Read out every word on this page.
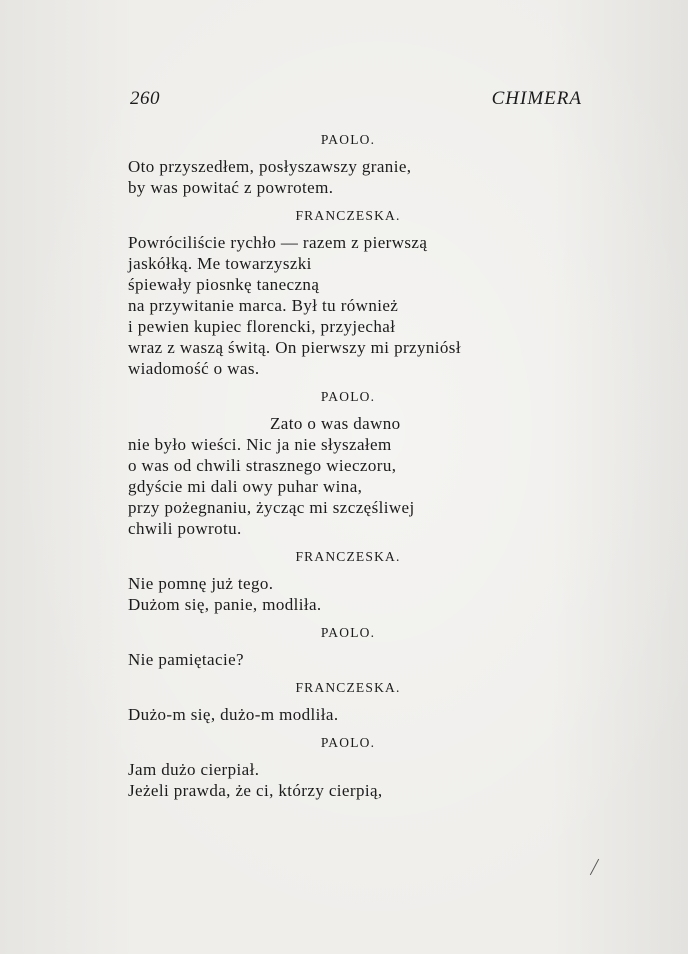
260	CHIMERA
PAOLO.
Oto przyszedłem, posłyszawszy granie,
by was powitać z powrotem.
FRANCZESKA.
Powróciliście rychło — razem z pierwszą
jaskółką. Me towarzyszki
śpiewały piosnkę taneczną
na przywitanie marca. Był tu również
i pewien kupiec florencki, przyjechał
wraz z waszą świtą. On pierwszy mi przyniósł
wiadomość o was.
PAOLO.
Zato o was dawno
nie było wieści. Nic ja nie słyszałem
o was od chwili strasznego wieczoru,
gdyście mi dali owy puhar wina,
przy pożegnaniu, życząc mi szczęśliwej
chwili powrotu.
FRANCZESKA.
Nie pomnę już tego.
Dużom się, panie, modliła.
PAOLO.
Nie pamiętacie?
FRANCZESKA.
Dużo-m się, dużo-m modliła.
PAOLO.
Jam dużo cierpiał.
Jeżeli prawda, że ci, którzy cierpią,
